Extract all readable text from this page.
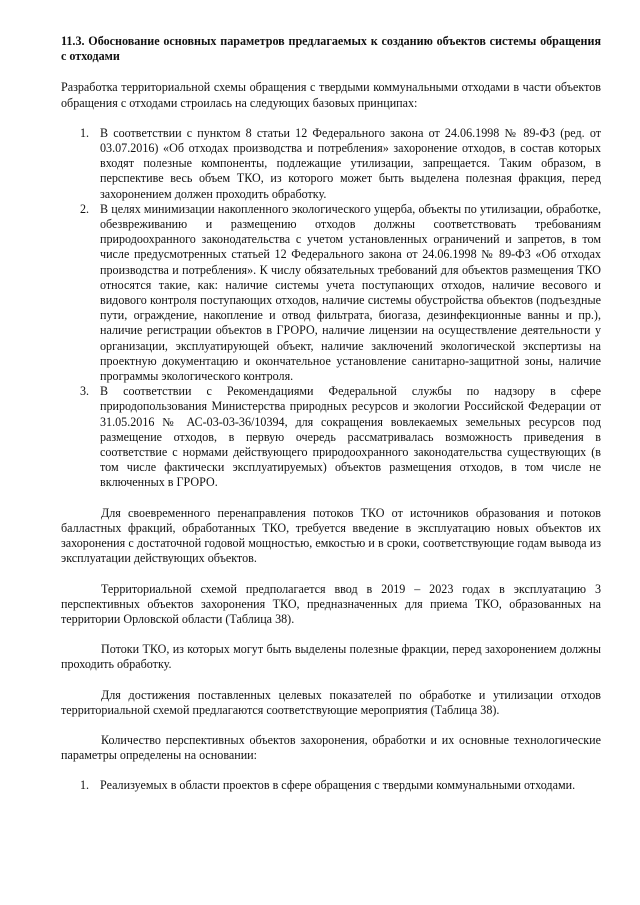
11.3. Обоснование основных параметров предлагаемых к созданию объектов системы обращения с отходами

Разработка территориальной схемы обращения с твердыми коммунальными отходами в части объектов обращения с отходами строилась на следующих базовых принципах:

1. В соответствии с пунктом 8 статьи 12 Федерального закона от 24.06.1998 № 89-ФЗ (ред. от 03.07.2016) «Об отходах производства и потребления» захоронение отходов, в состав которых входят полезные компоненты, подлежащие утилизации, запрещается. Таким образом, в перспективе весь объем ТКО, из которого может быть выделена полезная фракция, перед захоронением должен проходить обработку.
2. В целях минимизации накопленного экологического ущерба, объекты по утилизации, обработке, обезвреживанию и размещению отходов должны соответствовать требованиям природоохранного законодательства с учетом установленных ограничений и запретов, в том числе предусмотренных статьей 12 Федерального закона от 24.06.1998 № 89-ФЗ «Об отходах производства и потребления». К числу обязательных требований для объектов размещения ТКО относятся такие, как: наличие системы учета поступающих отходов, наличие весового и видового контроля поступающих отходов, наличие системы обустройства объектов (подъездные пути, ограждение, накопление и отвод фильтрата, биогаза, дезинфекционные ванны и пр.), наличие регистрации объектов в ГРОРО, наличие лицензии на осуществление деятельности у организации, эксплуатирующей объект, наличие заключений экологической экспертизы на проектную документацию и окончательное установление санитарно-защитной зоны, наличие программы экологического контроля.
3. В соответствии с Рекомендациями Федеральной службы по надзору в сфере природопользования Министерства природных ресурсов и экологии Российской Федерации от 31.05.2016 № АС-03-03-36/10394, для сокращения вовлекаемых земельных ресурсов под размещение отходов, в первую очередь рассматривалась возможность приведения в соответствие с нормами действующего природоохранного законодательства существующих (в том числе фактически эксплуатируемых) объектов размещения отходов, в том числе не включенных в ГРОРО.

Для своевременного перенаправления потоков ТКО от источников образования и потоков балластных фракций, обработанных ТКО, требуется введение в эксплуатацию новых объектов их захоронения с достаточной годовой мощностью, емкостью и в сроки, соответствующие годам вывода из эксплуатации действующих объектов.

Территориальной схемой предполагается ввод в 2019 – 2023 годах в эксплуатацию 3 перспективных объектов захоронения ТКО, предназначенных для приема ТКО, образованных на территории Орловской области (Таблица 38).

Потоки ТКО, из которых могут быть выделены полезные фракции, перед захоронением должны проходить обработку.

Для достижения поставленных целевых показателей по обработке и утилизации отходов территориальной схемой предлагаются соответствующие мероприятия (Таблица 38).

Количество перспективных объектов захоронения, обработки и их основные технологические параметры определены на основании:

1. Реализуемых в области проектов в сфере обращения с твердыми коммунальными отходами.
